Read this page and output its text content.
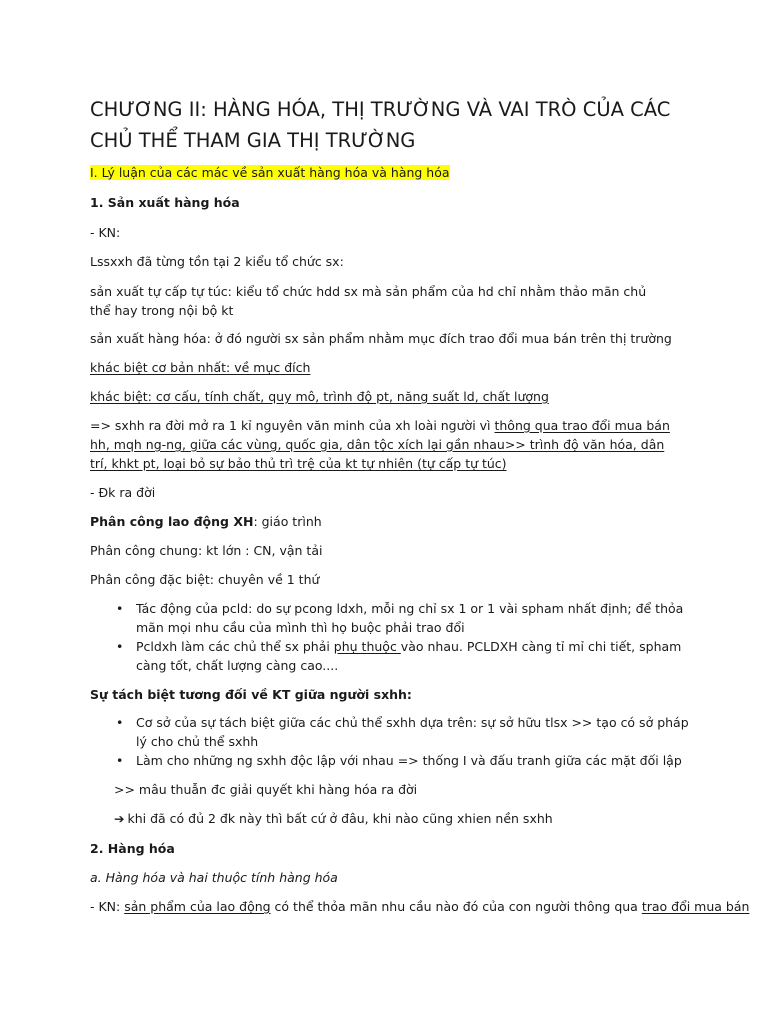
CHƯƠNG II: HÀNG HÓA, THỊ TRƯỜNG VÀ VAI TRÒ CỦA CÁC CHỦ THỂ THAM GIA THỊ TRƯỜNG

I. Lý luận của các mác về sản xuất hàng hóa và hàng hóa

1. Sản xuất hàng hóa

- KN:

Lssxxh đã từng tồn tại 2 kiểu tổ chức sx:

sản xuất tự cấp tự túc: kiểu tổ chức hdd sx mà sản phẩm của hd chỉ nhằm thảo mãn chủ thể hay trong nội bộ kt

sản xuất hàng hóa: ở đó người sx sản phẩm nhằm mục đích trao đổi mua bán trên thị trường

khác biệt cơ bản nhất: về mục đích

khác biệt: cơ cấu, tính chất, quy mô, trình độ pt, năng suất ld, chất lượng

=> sxhh ra đời mở ra 1 kỉ nguyên văn minh của xh loài người vì thông qua trao đổi mua bán hh, mqh ng-ng, giữa các vùng, quốc gia, dân tộc xích lại gần nhau>> trình độ văn hóa, dân trí, khkt pt, loại bỏ sự bảo thủ trì trệ của kt tự nhiên (tự cấp tự túc)

- Đk ra đời

Phân công lao động XH: giáo trình

Phân công chung: kt lớn : CN, vận tải

Phân công đặc biệt: chuyên về 1 thứ

• Tác động của pcld: do sự pcong ldxh, mỗi ng chỉ sx 1 or 1 vài spham nhất định; để thỏa mãn mọi nhu cầu của mình thì họ buộc phải trao đổi
• Pcldxh làm các chủ thể sx phải phụ thuộc vào nhau. PCLDXH càng tỉ mỉ chi tiết, spham càng tốt, chất lượng càng cao....

Sự tách biệt tương đối về KT giữa người sxhh:

• Cơ sở của sự tách biệt giữa các chủ thể sxhh dựa trên: sự sở hữu tlsx >> tạo có sở pháp lý cho chủ thể sxhh
• Làm cho những ng sxhh độc lập với nhau => thống I và đấu tranh giữa các mặt đối lập

>> mâu thuẫn đc giải quyết khi hàng hóa ra đời

➔ khi đã có đủ 2 đk này thì bất cứ ở đâu, khi nào cũng xhien nền sxhh

2. Hàng hóa

a. Hàng hóa và hai thuộc tính hàng hóa

- KN: sản phẩm của lao động có thể thỏa mãn nhu cầu nào đó của con người thông qua trao đổi mua bán
